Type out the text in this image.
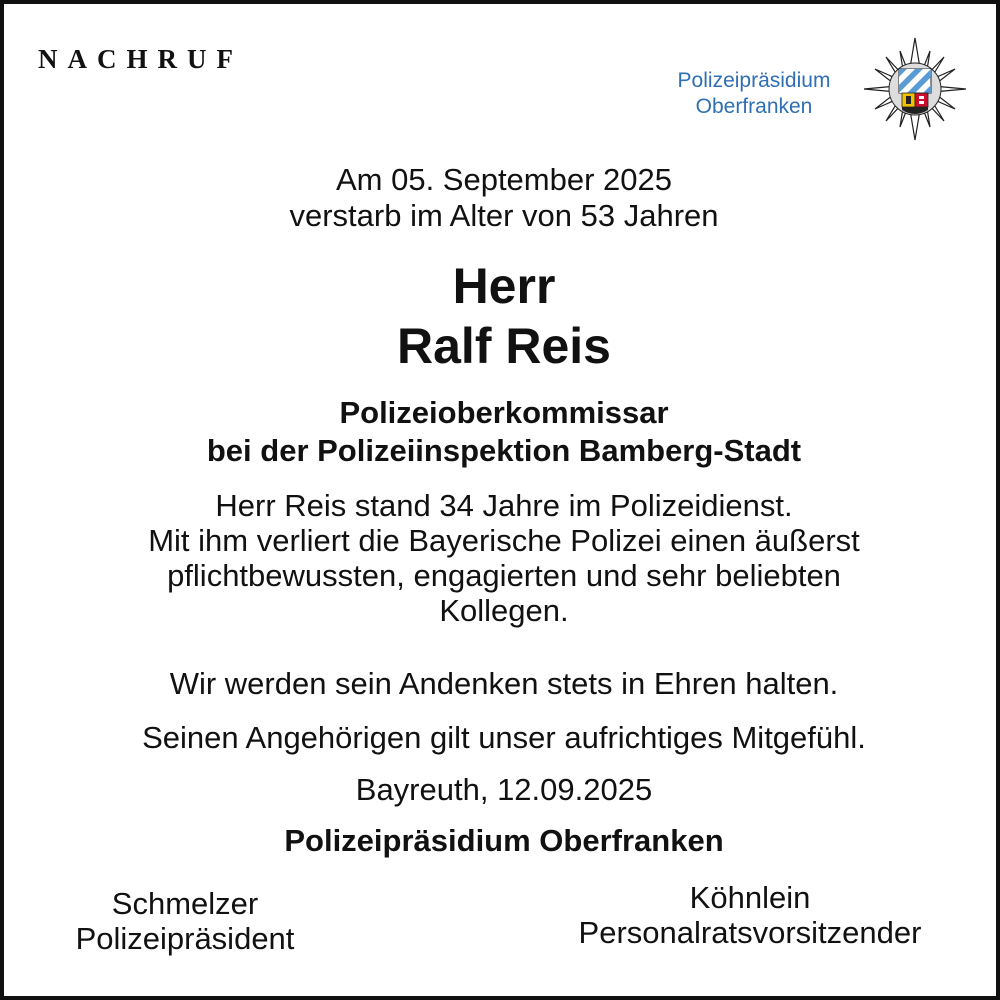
NACHRUF
Polizeipräsidium
Oberfranken
Am 05. September 2025
verstarb im Alter von 53 Jahren
Herr
Ralf Reis
Polizeioberkommissar
bei der Polizeiinspektion Bamberg-Stadt
Herr Reis stand 34 Jahre im Polizeidienst.
Mit ihm verliert die Bayerische Polizei einen äußerst
pflichtbewussten, engagierten und sehr beliebten
Kollegen.
Wir werden sein Andenken stets in Ehren halten.
Seinen Angehörigen gilt unser aufrichtiges Mitgefühl.
Bayreuth, 12.09.2025
Polizeipräsidium Oberfranken
Schmelzer
Polizeipräsident
Köhnlein
Personalratsvorsitzender
